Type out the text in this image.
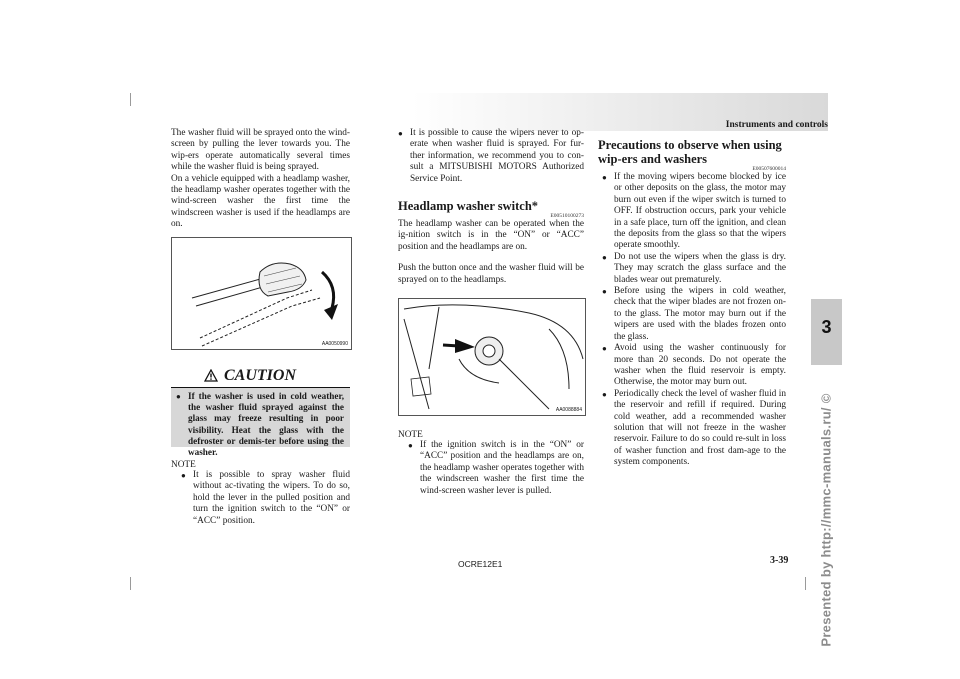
Instruments and controls
3
Presented by http://mmc-manuals.ru/ ©

The washer fluid will be sprayed onto the wind-screen by pulling the lever towards you. The wip-ers operate automatically several times while the washer fluid is being sprayed.

On a vehicle equipped with a headlamp washer, the headlamp washer operates together with the wind-screen washer the first time the windscreen washer is used if the headlamps are on.

AA0050990
CAUTION
● If the washer is used in cold weather, the washer fluid sprayed against the glass may freeze resulting in poor visibility. Heat the glass with the defroster or demis-ter before using the washer.
NOTE
● It is possible to spray washer fluid without ac-tivating the wipers. To do so, hold the lever in the pulled position and turn the ignition switch to the “ON” or “ACC” position.
● It is possible to cause the wipers never to op-erate when washer fluid is sprayed. For fur-ther information, we recommend you to con-sult a MITSUBISHI MOTORS Authorized Service Point.
Headlamp washer switch*
E00510100273

The headlamp washer can be operated when the ig-nition switch is in the “ON” or “ACC” position and the headlamps are on.

Push the button once and the washer fluid will be sprayed on to the headlamps.

AA0088884
NOTE
● If the ignition switch is in the “ON” or “ACC” position and the headlamps are on, the headlamp washer operates together with the windscreen washer the first time the wind-screen washer lever is pulled.
Precautions to observe when using wip-ers and washers
E00507600014
● If the moving wipers become blocked by ice or other deposits on the glass, the motor may burn out even if the wiper switch is turned to OFF. If obstruction occurs, park your vehicle in a safe place, turn off the ignition, and clean the deposits from the glass so that the wipers operate smoothly.
● Do not use the wipers when the glass is dry. They may scratch the glass surface and the blades wear out prematurely.
● Before using the wipers in cold weather, check that the wiper blades are not frozen on-to the glass. The motor may burn out if the wipers are used with the blades frozen onto the glass.
● Avoid using the washer continuously for more than 20 seconds. Do not operate the washer when the fluid reservoir is empty. Otherwise, the motor may burn out.
● Periodically check the level of washer fluid in the reservoir and refill if required. During cold weather, add a recommended washer solution that will not freeze in the washer reservoir. Failure to do so could re-sult in loss of washer function and frost dam-age to the system components.
OCRE12E1	3-39
